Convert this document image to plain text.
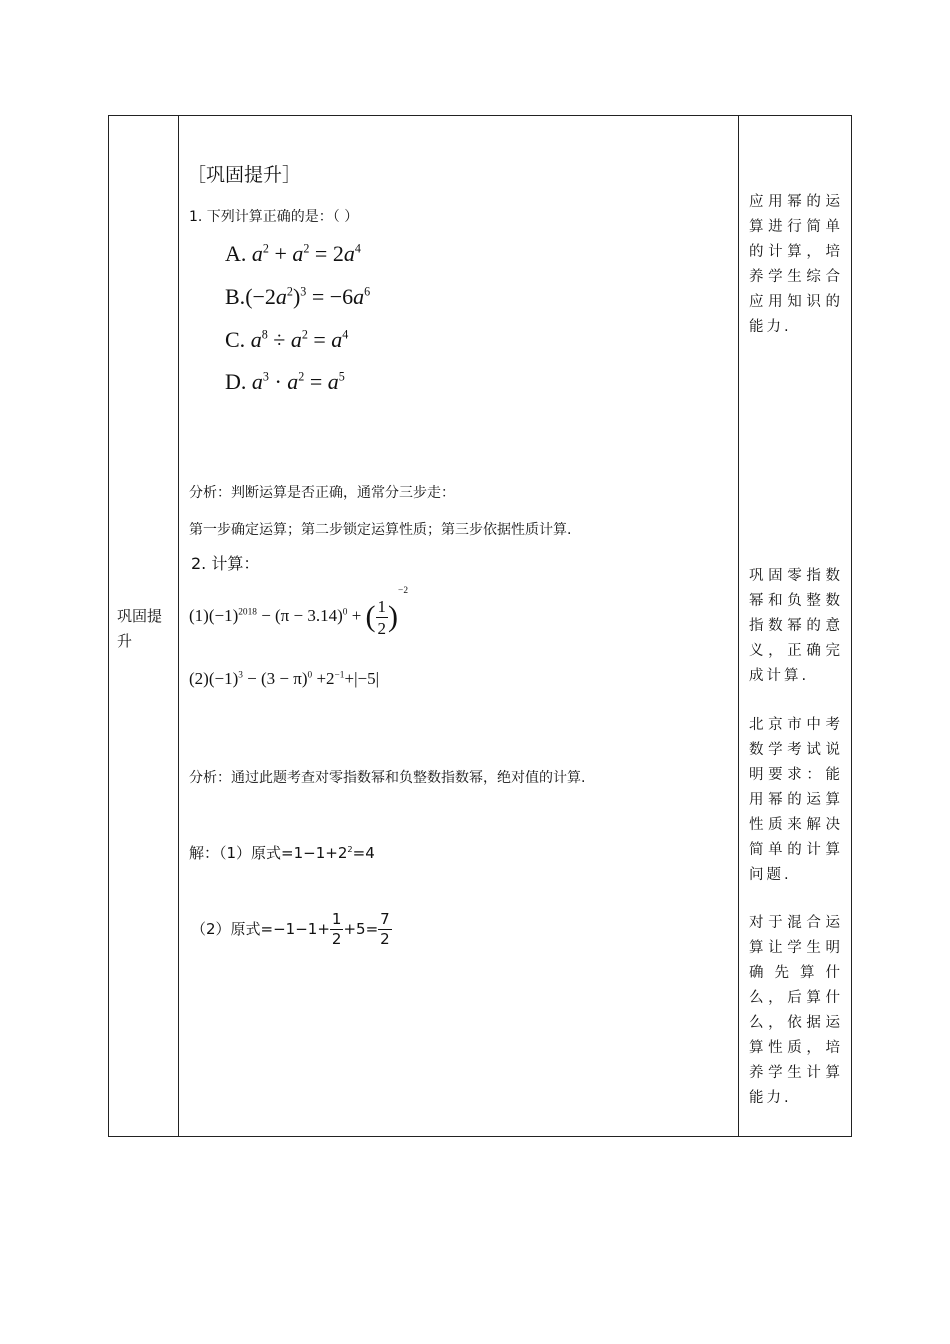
巩固提升
［巩固提升］
1. 下列计算正确的是：（ ）
A. $a^2 + a^2 = 2a^4$
$B.(-2a^2)^3 = -6a^6$
C. $a^8 \div a^2 = a^4$
D. $a^3 \cdot a^2 = a^5$
分析：判断运算是否正确，通常分三步走：
第一步确定运算；第二步锁定运算性质；第三步依据性质计算.
2. 计算：
$(1)(-1)^{2018} - (\pi - 3.14)^0$ + ( $\frac{1}{2} )^{-2}$
$(2)(-1)^3 - (3 - \pi)^0 +2^{-1}+|-5|$
分析：通过此题考查对零指数幂和负整数指数幂，绝对值的计算.
解：（1）原式$=1-1+2^2=4$
（2）原式$=-1-1+ \frac{1}{2} +5= \frac{7}{2}$
应用幂的运算进行简单的计算，培养学生综合应用知识的能力.
巩固零指数幂和负整数指数幂的意义，正确完成计算.
北京市中考数学考试说明要求：能用幂的运算性质来解决简单的计算问题.
对于混合运算让学生明确先算什么，后算什么，依据运算性质，培养学生计算能力.
